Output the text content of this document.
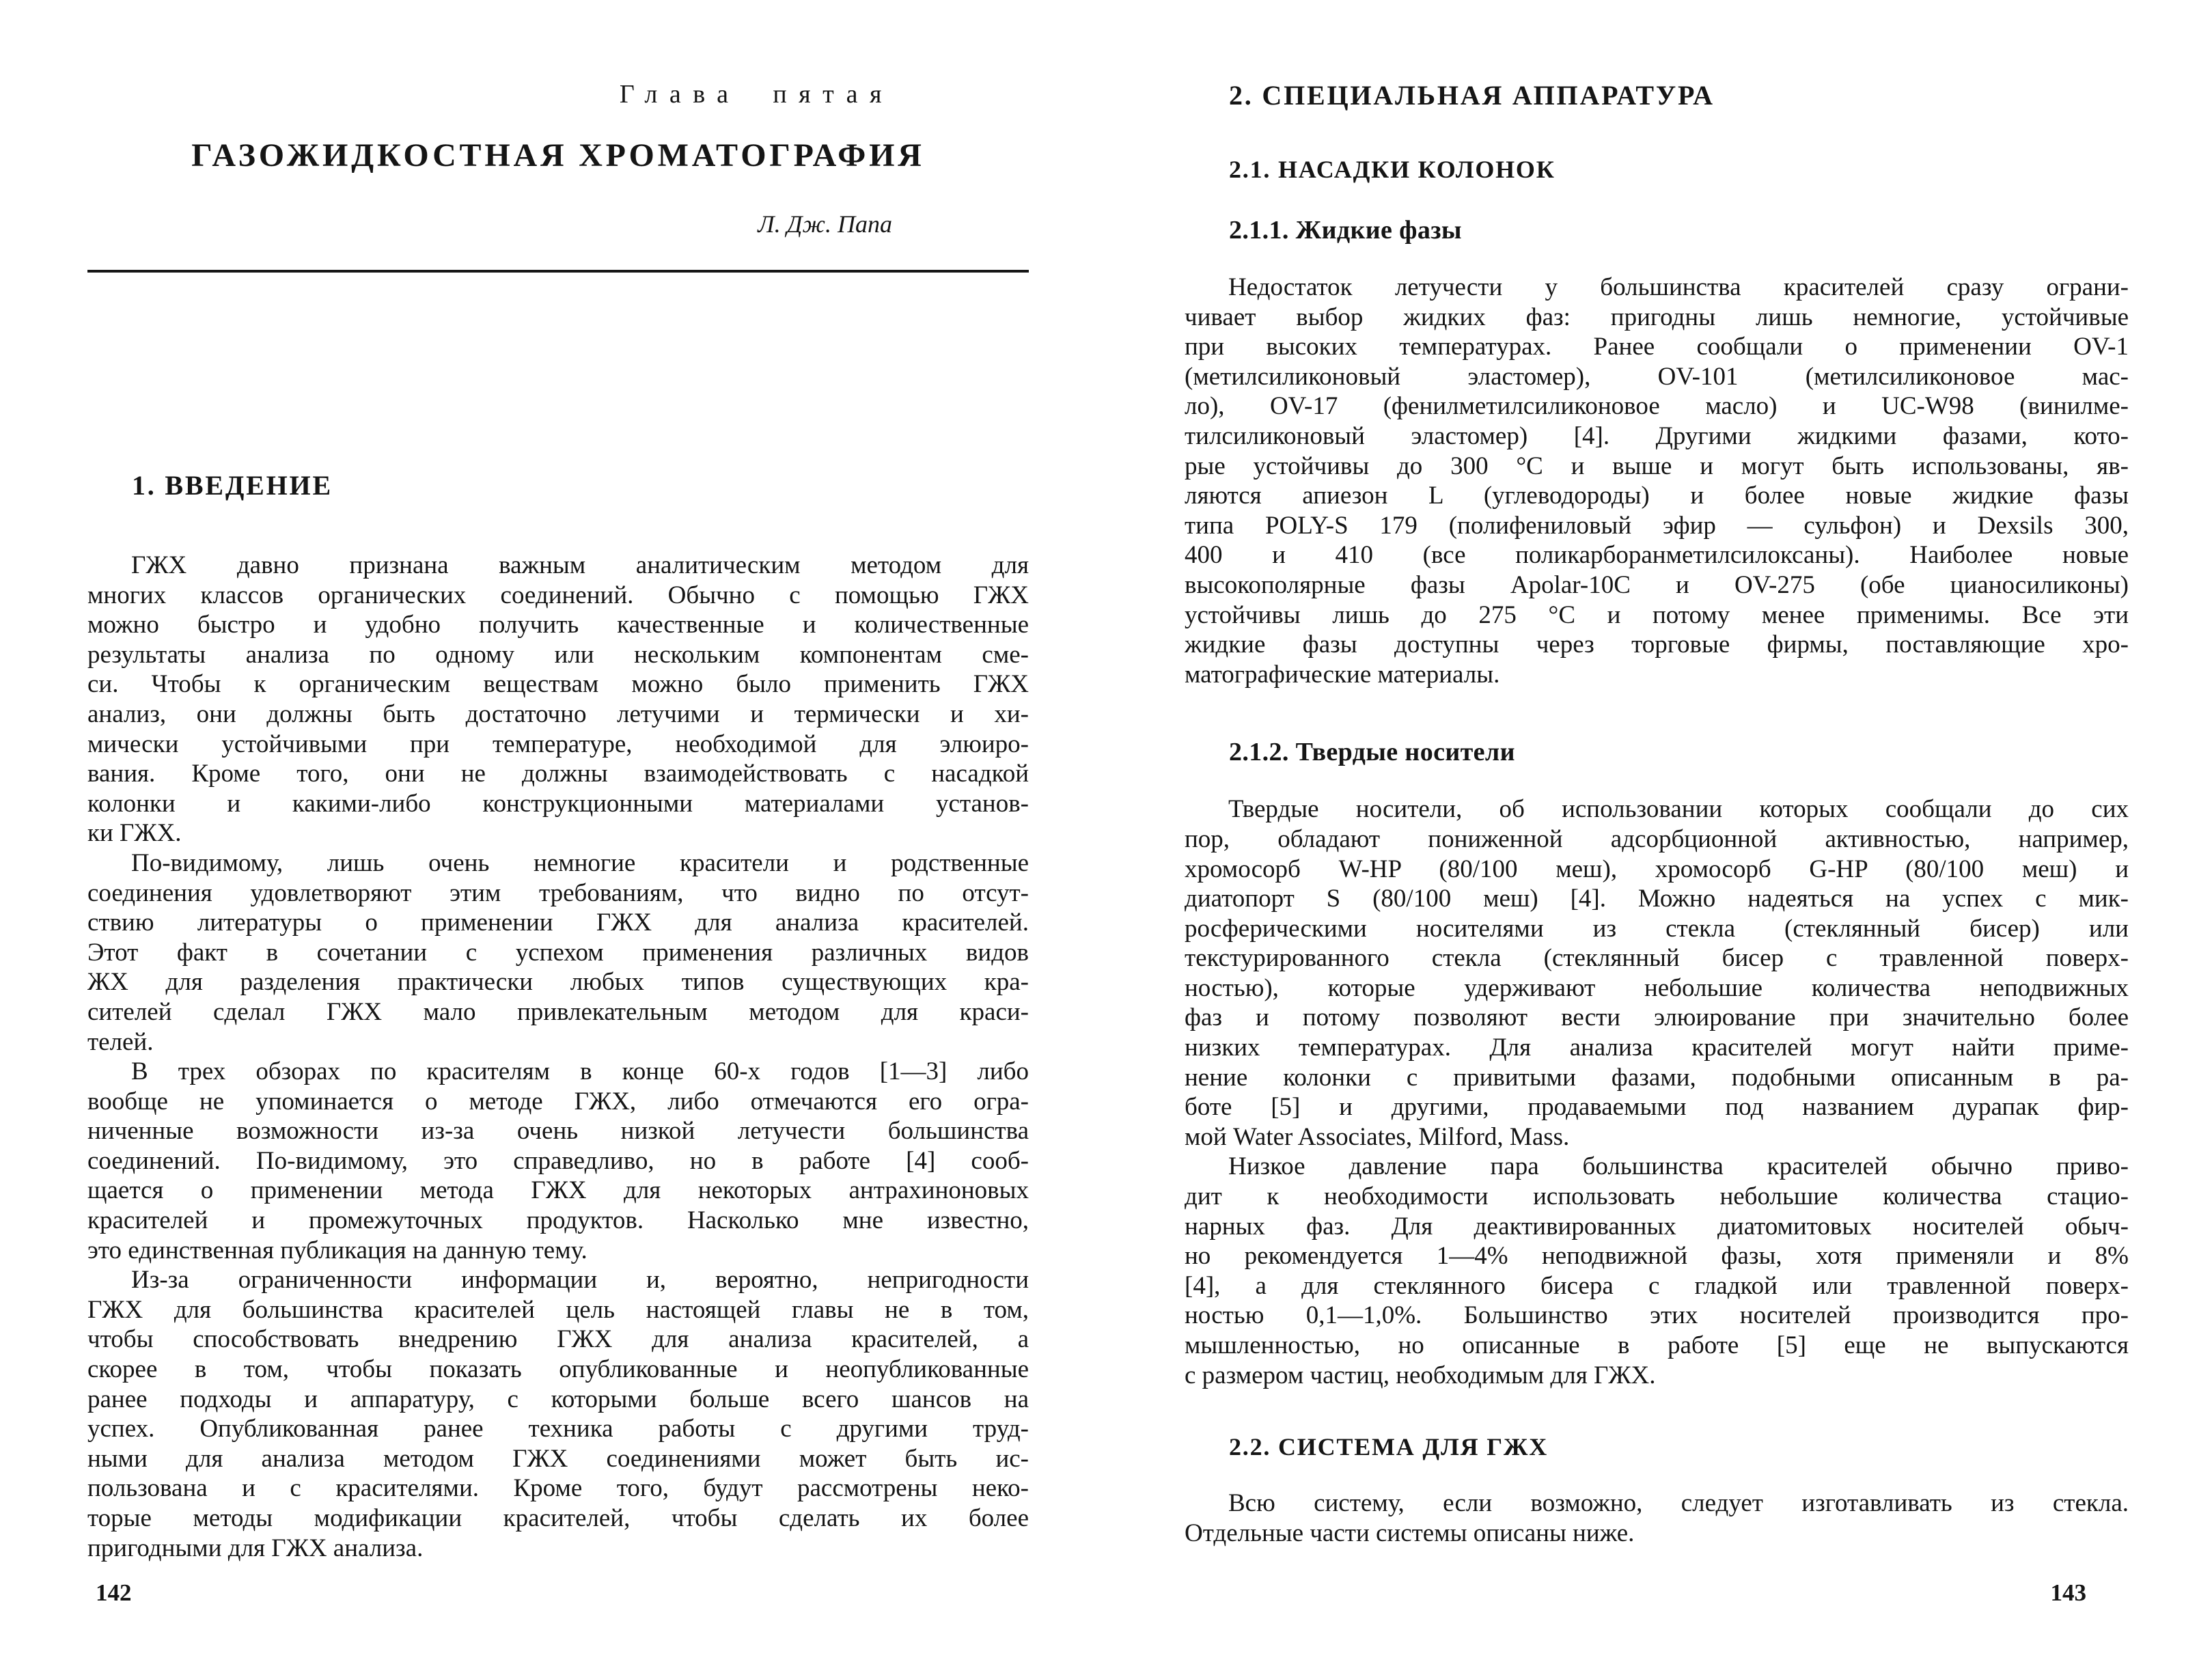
Глава пятая
ГАЗОЖИДКОСТНАЯ ХРОМАТОГРАФИЯ
Л. Дж. Папа
1. ВВЕДЕНИЕ
ГЖХ давно признана важным аналитическим методом для
многих классов органических соединений. Обычно с помощью ГЖХ
можно быстро и удобно получить качественные и количественные
результаты анализа по одному или нескольким компонентам сме-
си. Чтобы к органическим веществам можно было применить ГЖХ
анализ, они должны быть достаточно летучими и термически и хи-
мически устойчивыми при температуре, необходимой для элюиро-
вания. Кроме того, они не должны взаимодействовать с насадкой
колонки и какими-либо конструкционными материалами установ-
ки ГЖХ.
По-видимому, лишь очень немногие красители и родственные
соединения удовлетворяют этим требованиям, что видно по отсут-
ствию литературы о применении ГЖХ для анализа красителей.
Этот факт в сочетании с успехом применения различных видов
ЖХ для разделения практически любых типов существующих кра-
сителей сделал ГЖХ мало привлекательным методом для краси-
телей.
В трех обзорах по красителям в конце 60-х годов [1—3] либо
вообще не упоминается о методе ГЖХ, либо отмечаются его огра-
ниченные возможности из-за очень низкой летучести большинства
соединений. По-видимому, это справедливо, но в работе [4] сооб-
щается о применении метода ГЖХ для некоторых антрахиноновых
красителей и промежуточных продуктов. Насколько мне известно,
это единственная публикация на данную тему.
Из-за ограниченности информации и, вероятно, непригодности
ГЖХ для большинства красителей цель настоящей главы не в том,
чтобы способствовать внедрению ГЖХ для анализа красителей, а
скорее в том, чтобы показать опубликованные и неопубликованные
ранее подходы и аппаратуру, с которыми больше всего шансов на
успех. Опубликованная ранее техника работы с другими труд-
ными для анализа методом ГЖХ соединениями может быть ис-
пользована и с красителями. Кроме того, будут рассмотрены неко-
торые методы модификации красителей, чтобы сделать их более
пригодными для ГЖХ анализа.
142
2. СПЕЦИАЛЬНАЯ АППАРАТУРА
2.1. НАСАДКИ КОЛОНОК
2.1.1. Жидкие фазы
Недостаток летучести у большинства красителей сразу ограни-
чивает выбор жидких фаз: пригодны лишь немногие, устойчивые
при высоких температурах. Ранее сообщали о применении OV-1
(метилсиликоновый эластомер), OV-101 (метилсиликоновое мас-
ло), OV-17 (фенилметилсиликоновое масло) и UC-W98 (винилме-
тилсиликоновый эластомер) [4]. Другими жидкими фазами, кото-
рые устойчивы до 300 °C и выше и могут быть использованы, яв-
ляются апиезон L (углеводороды) и более новые жидкие фазы
типа POLY-S 179 (полифениловый эфир — сульфон) и Dexsils 300,
400 и 410 (все поликарборанметилсилоксаны). Наиболее новые
высокополярные фазы Apolar-10C и OV-275 (обе цианосиликоны)
устойчивы лишь до 275 °C и потому менее применимы. Все эти
жидкие фазы доступны через торговые фирмы, поставляющие хро-
матографические материалы.
2.1.2. Твердые носители
Твердые носители, об использовании которых сообщали до сих
пор, обладают пониженной адсорбционной активностью, например,
хромосорб W-HP (80/100 меш), хромосорб G-HP (80/100 меш) и
диатопорт S (80/100 меш) [4]. Можно надеяться на успех с мик-
росферическими носителями из стекла (стеклянный бисер) или
текстурированного стекла (стеклянный бисер с травленной поверх-
ностью), которые удерживают небольшие количества неподвижных
фаз и потому позволяют вести элюирование при значительно более
низких температурах. Для анализа красителей могут найти приме-
нение колонки с привитыми фазами, подобными описанным в ра-
боте [5] и другими, продаваемыми под названием дурапак фир-
мой Water Associates, Milford, Mass.
Низкое давление пара большинства красителей обычно приво-
дит к необходимости использовать небольшие количества стацио-
нарных фаз. Для деактивированных диатомитовых носителей обыч-
но рекомендуется 1—4% неподвижной фазы, хотя применяли и 8%
[4], а для стеклянного бисера с гладкой или травленной поверх-
ностью 0,1—1,0%. Большинство этих носителей производится про-
мышленностью, но описанные в работе [5] еще не выпускаются
с размером частиц, необходимым для ГЖХ.
2.2. СИСТЕМА ДЛЯ ГЖХ
Всю систему, если возможно, следует изготавливать из стекла.
Отдельные части системы описаны ниже.
143
